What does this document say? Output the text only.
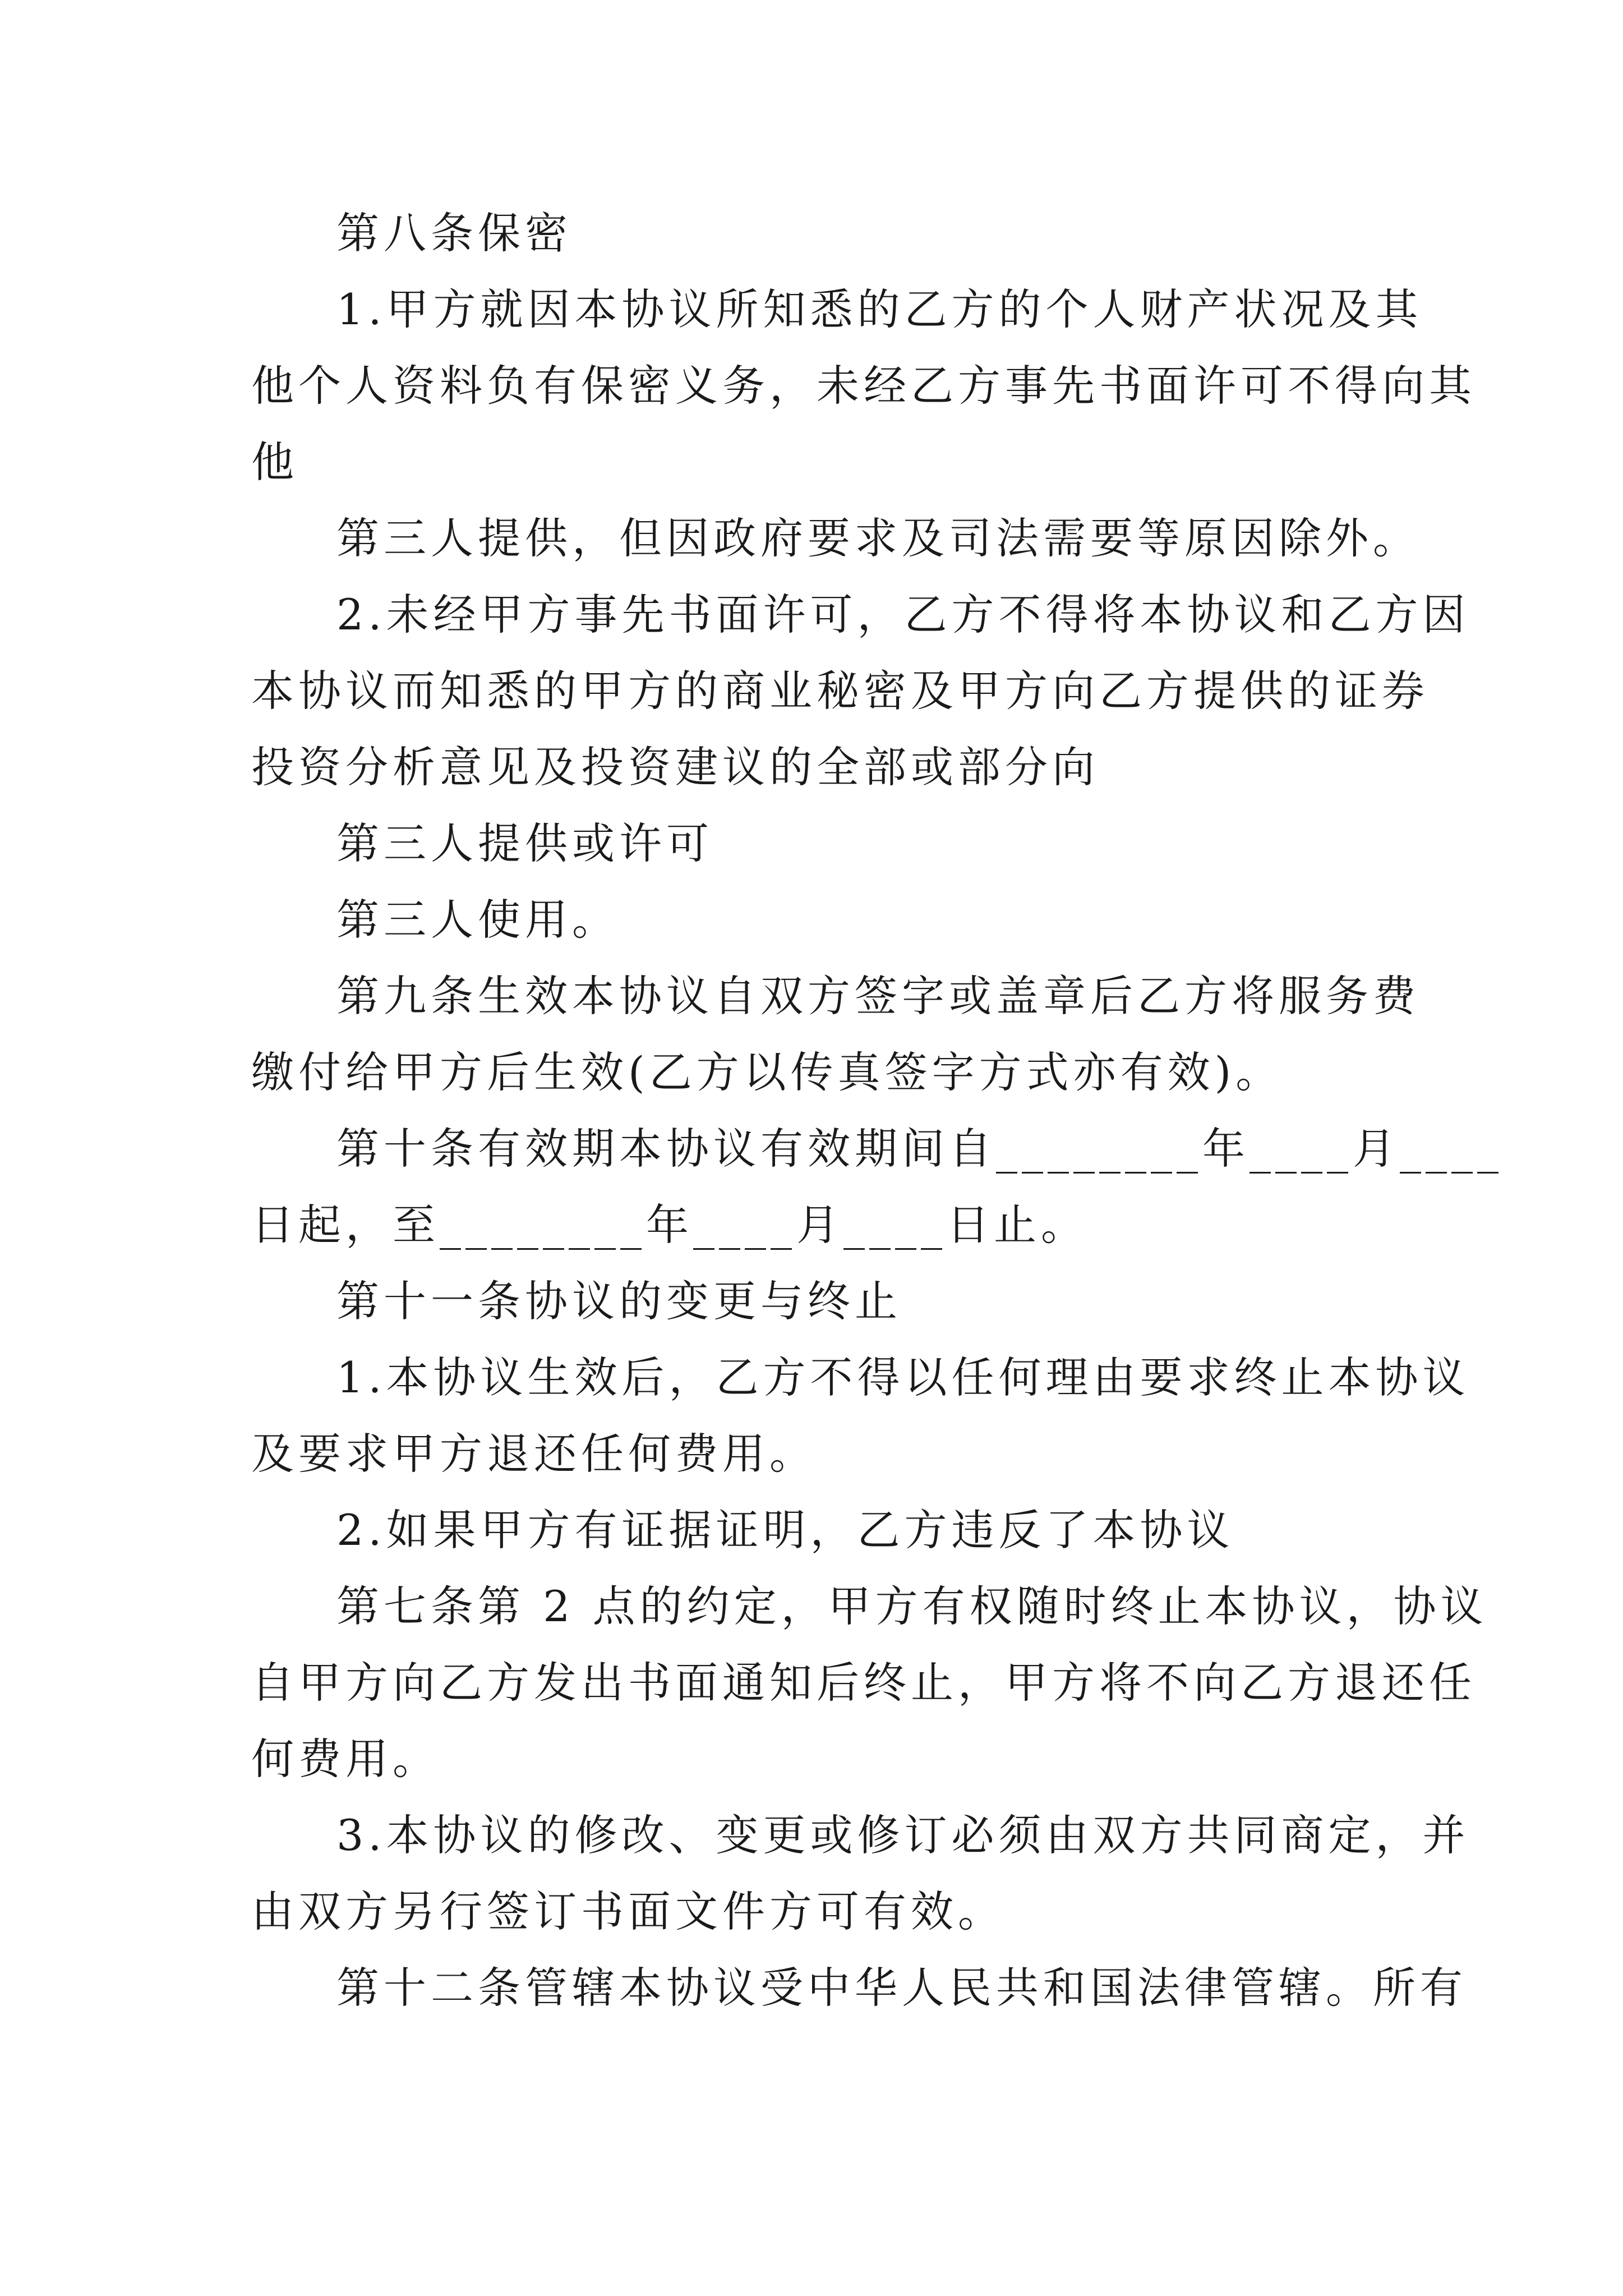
第八条保密
1.甲方就因本协议所知悉的乙方的个人财产状况及其
他个人资料负有保密义务，未经乙方事先书面许可不得向其
他
第三人提供，但因政府要求及司法需要等原因除外。
2.未经甲方事先书面许可，乙方不得将本协议和乙方因
本协议而知悉的甲方的商业秘密及甲方向乙方提供的证券
投资分析意见及投资建议的全部或部分向
第三人提供或许可
第三人使用。
第九条生效本协议自双方签字或盖章后乙方将服务费
缴付给甲方后生效(乙方以传真签字方式亦有效)。
第十条有效期本协议有效期间自________年____月____
日起，至________年____月____日止。
第十一条协议的变更与终止
1.本协议生效后，乙方不得以任何理由要求终止本协议
及要求甲方退还任何费用。
2.如果甲方有证据证明，乙方违反了本协议
第七条第 2 点的约定，甲方有权随时终止本协议，协议
自甲方向乙方发出书面通知后终止，甲方将不向乙方退还任
何费用。
3.本协议的修改、变更或修订必须由双方共同商定，并
由双方另行签订书面文件方可有效。
第十二条管辖本协议受中华人民共和国法律管辖。所有
